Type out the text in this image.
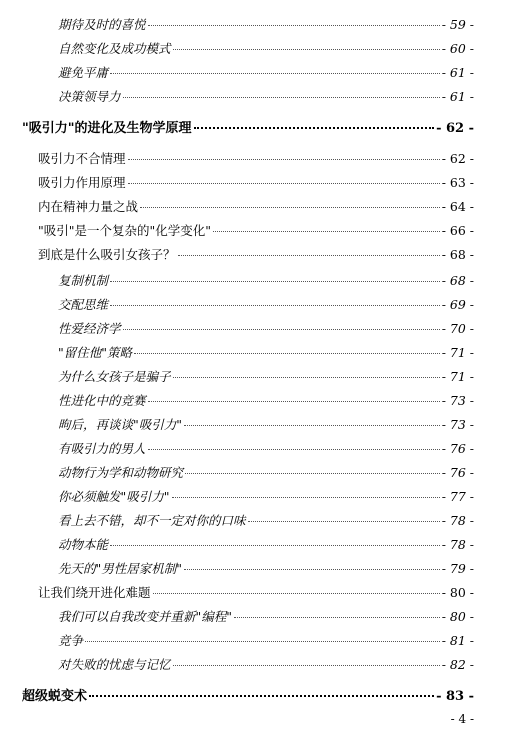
期待及时的喜悦	- 59 -
自然变化及成功模式	- 60 -
避免平庸	- 61 -
决策领导力	- 61 -
"吸引力"的进化及生物学原理	- 62 -
吸引力不合情理	- 62 -
吸引力作用原理	- 63 -
内在精神力量之战	- 64 -
"吸引"是一个复杂的"化学变化"	- 66 -
到底是什么吸引女孩子？	- 68 -
复制机制	- 68 -
交配思维	- 69 -
性爱经济学	- 70 -
"留住他"策略	- 71 -
为什么女孩子是骗子	- 71 -
性进化中的竞赛	- 73 -
昫后，再谈谈"吸引力"	- 73 -
有吸引力的男人	- 76 -
动物行为学和动物研究	- 76 -
你必须触发"吸引力"	- 77 -
看上去不错，却不一定对你的口味	- 78 -
动物本能	- 78 -
先天的"男性居家机制"	- 79 -
让我们绕开进化难题	- 80 -
我们可以自我改变并重新"编程"	- 80 -
竞争	- 81 -
对失败的忧虑与记忆	- 82 -
超级蜕变术	- 83 -
- 4 -
